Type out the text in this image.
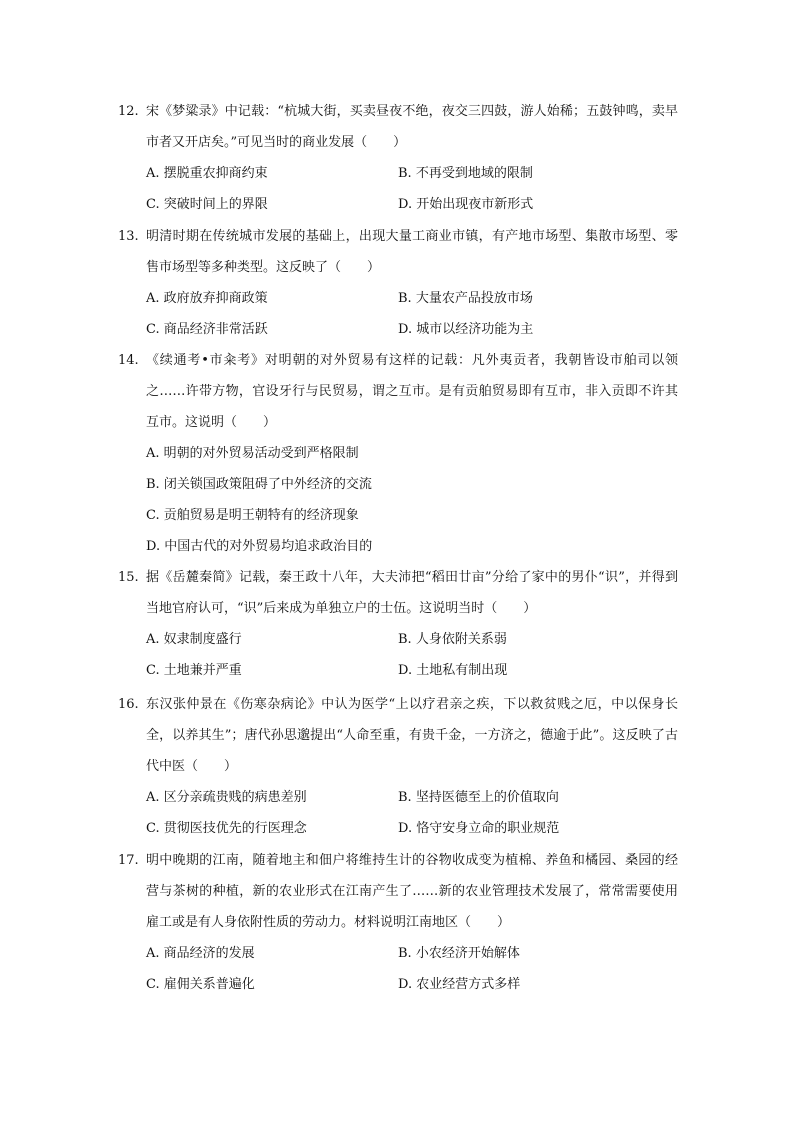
12. 宋《梦粱录》中记载：“杭城大街，买卖昼夜不绝，夜交三四鼓，游人始稀；五鼓钟鸣，卖早市者又开店矣。”可见当时的商业发展（　　）
A. 摆脱重农抑商约束	B. 不再受到地域的限制
C. 突破时间上的界限	D. 开始出现夜市新形式
13. 明清时期在传统城市发展的基础上，出现大量工商业市镇，有产地市场型、集散市场型、零售市场型等多种类型。这反映了（　　）
A. 政府放弃抑商政策	B. 大量农产品投放市场
C. 商品经济非常活跃	D. 城市以经济功能为主
14. 《续通考•市籴考》对明朝的对外贸易有这样的记载：凡外夷贡者，我朝皆设市舶司以领之……许带方物，官设牙行与民贸易，谓之互市。是有贡舶贸易即有互市，非入贡即不许其互市。这说明（　　）
A. 明朝的对外贸易活动受到严格限制
B. 闭关锁国政策阻碍了中外经济的交流
C. 贡舶贸易是明王朝特有的经济现象
D. 中国古代的对外贸易均追求政治目的
15. 据《岳麓秦简》记载，秦王政十八年，大夫沛把“稻田廿亩”分给了家中的男仆“识”，并得到当地官府认可，“识”后来成为单独立户的士伍。这说明当时（　　）
A. 奴隶制度盛行	B. 人身依附关系弱
C. 土地兼并严重	D. 土地私有制出现
16. 东汉张仲景在《伤寒杂病论》中认为医学“上以疗君亲之疾，下以救贫贱之厄，中以保身长全，以养其生”；唐代孙思邈提出“人命至重，有贵千金，一方济之，德逾于此”。这反映了古代中医（　　）
A. 区分亲疏贵贱的病患差别	B. 坚持医德至上的价值取向
C. 贯彻医技优先的行医理念	D. 恪守安身立命的职业规范
17. 明中晚期的江南，随着地主和佃户将维持生计的谷物收成变为植棉、养鱼和橘园、桑园的经营与茶树的种植，新的农业形式在江南产生了……新的农业管理技术发展了，常常需要使用雇工或是有人身依附性质的劳动力。材料说明江南地区（　　）
A. 商品经济的发展	B. 小农经济开始解体
C. 雇佣关系普遍化	D. 农业经营方式多样
